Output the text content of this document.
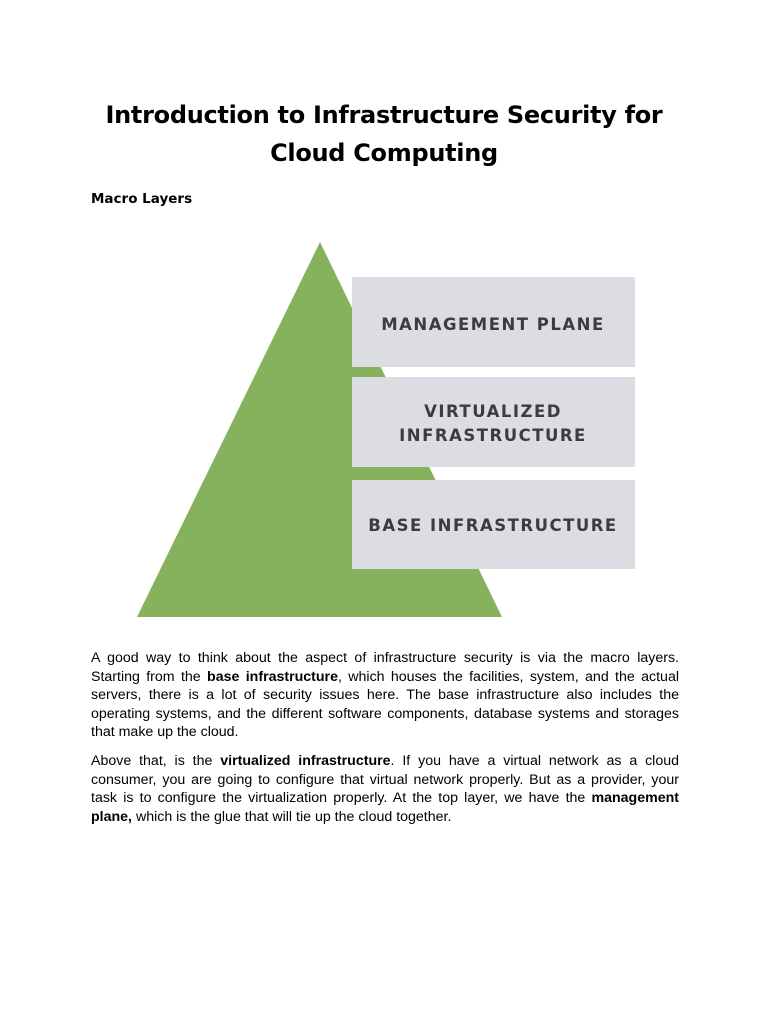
Introduction to Infrastructure Security for
Cloud Computing
Macro Layers
MANAGEMENT PLANE
VIRTUALIZED
INFRASTRUCTURE
BASE INFRASTRUCTURE

A good way to think about the aspect of infrastructure security is via the macro layers. Starting from the base infrastructure, which houses the facilities, system, and the actual servers, there is a lot of security issues here. The base infrastructure also includes the operating systems, and the different software components, database systems and storages that make up the cloud.

Above that, is the virtualized infrastructure. If you have a virtual network as a cloud consumer, you are going to configure that virtual network properly. But as a provider, your task is to configure the virtualization properly. At the top layer, we have the management plane, which is the glue that will tie up the cloud together.
